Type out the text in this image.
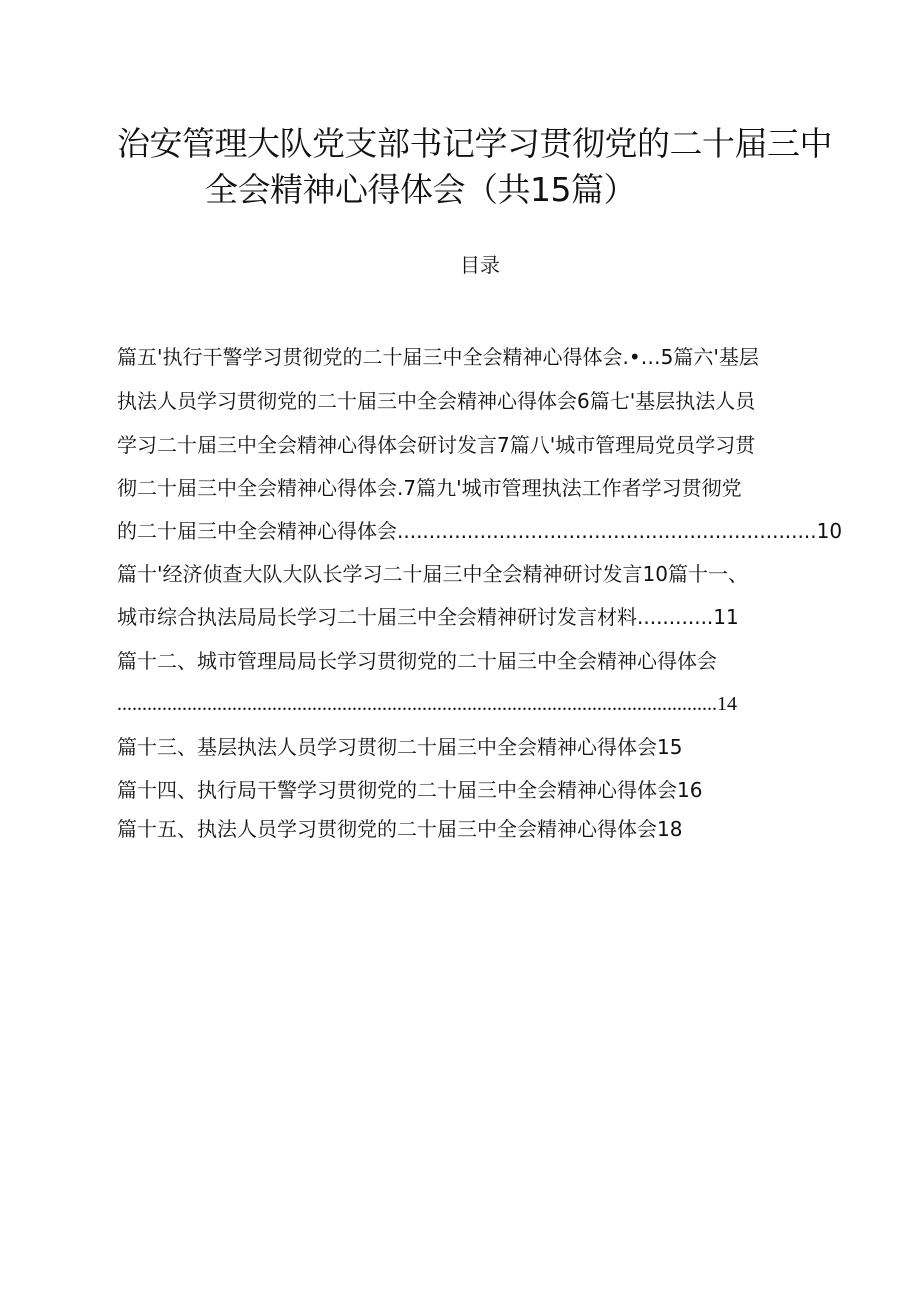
治安管理大队党支部书记学习贯彻党的二十届三中
全会精神心得体会（共15篇）
目录
篇五'执行干警学习贯彻党的二十届三中全会精神心得体会.•…5篇六'基层
执法人员学习贯彻党的二十届三中全会精神心得体会6篇七'基层执法人员
学习二十届三中全会精神心得体会研讨发言7篇八'城市管理局党员学习贯
彻二十届三中全会精神心得体会.7篇九'城市管理执法工作者学习贯彻党
的二十届三中全会精神心得体会..................................................................10
篇十'经济侦查大队大队长学习二十届三中全会精神研讨发言10篇十一、
城市综合执法局局长学习二十届三中全会精神研讨发言材料............11
篇十二、城市管理局局长学习贯彻党的二十届三中全会精神心得体会
........................................................................................................................14
篇十三、基层执法人员学习贯彻二十届三中全会精神心得体会15
篇十四、执行局干警学习贯彻党的二十届三中全会精神心得体会16
篇十五、执法人员学习贯彻党的二十届三中全会精神心得体会18
